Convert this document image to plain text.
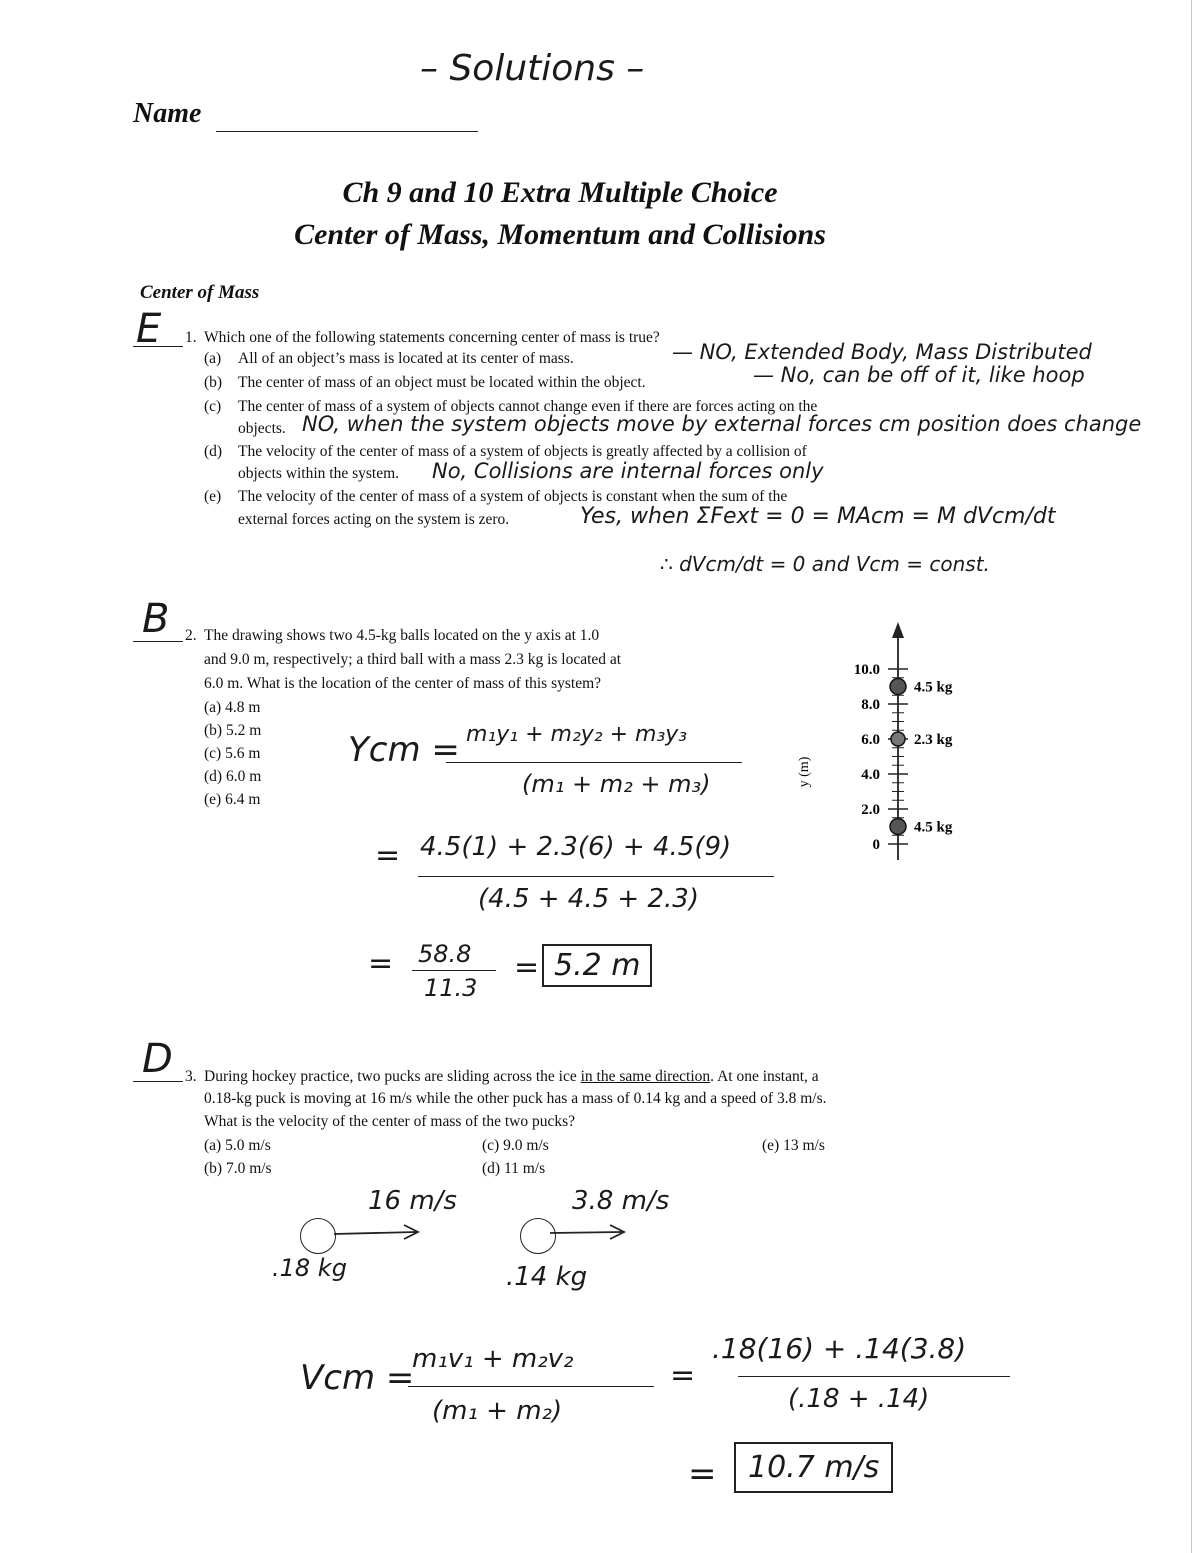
– Solutions –
Name
Ch 9 and 10 Extra Multiple Choice
Center of Mass, Momentum and Collisions
Center of Mass
E 1. Which one of the following statements concerning center of mass is true?
(a) All of an object’s mass is located at its center of mass.	— NO, Extended Body, Mass Distributed
(b) The center of mass of an object must be located within the object.	— No, can be off of it, like hoop
(c) The center of mass of a system of objects cannot change even if there are forces acting on the
objects. NO, when the system objects move by external forces cm position does change
(d) The velocity of the center of mass of a system of objects is greatly affected by a collision of
objects within the system. No, Collisions are internal forces only
(e) The velocity of the center of mass of a system of objects is constant when the sum of the
external forces acting on the system is zero.	Yes, when ΣFext = 0 = MAcm = M dVcm/dt
∴ dVcm/dt = 0 and Vcm = const.
B 2. The drawing shows two 4.5-kg balls located on the y axis at 1.0
and 9.0 m, respectively; a third ball with a mass 2.3 kg is located at
6.0 m. What is the location of the center of mass of this system?
(a) 4.8 m
(b) 5.2 m
(c) 5.6 m
(d) 6.0 m
(e) 6.4 m
Ycm = m₁y₁ + m₂y₂ + m₃y₃
(m₁ + m₂ + m₃)
= 4.5(1) + 2.3(6) + 4.5(9)
(4.5 + 4.5 + 2.3)
= 58.8
11.3
= 5.2 m
10.0
8.0
6.0
4.0
2.0
0
4.5 kg
2.3 kg
4.5 kg
y (m)
D 3. During hockey practice, two pucks are sliding across the ice in the same direction. At one instant, a
0.18-kg puck is moving at 16 m/s while the other puck has a mass of 0.14 kg and a speed of 3.8 m/s.
What is the velocity of the center of mass of the two pucks?
(a) 5.0 m/s
(b) 7.0 m/s
(c) 9.0 m/s
(d) 11 m/s
(e) 13 m/s
16 m/s
.18 kg
3.8 m/s
.14 kg
Vcm =
m₁v₁ + m₂v₂
(m₁ + m₂)
=
.18(16) + .14(3.8)
(.18 + .14)
=	10.7 m/s
